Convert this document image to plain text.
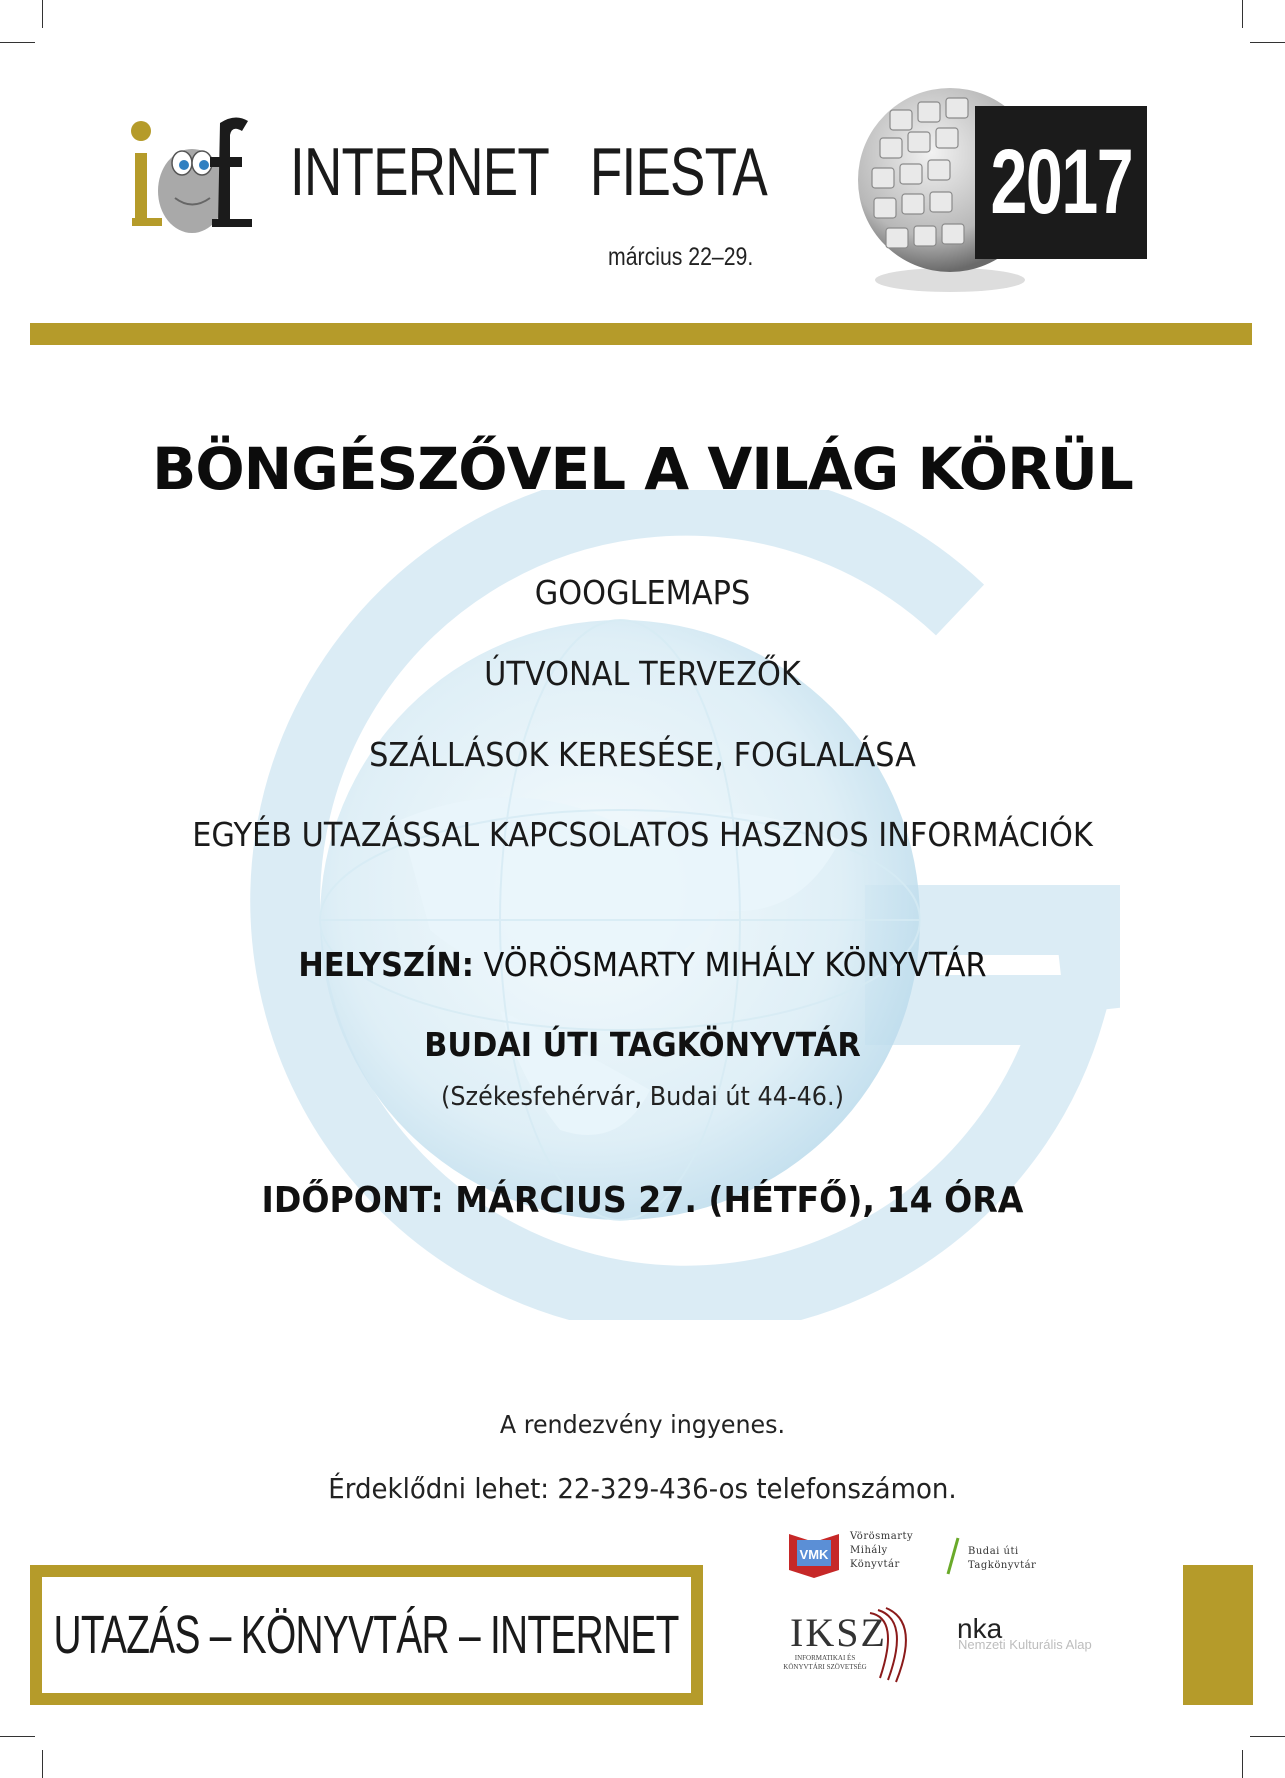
INTERNET   FIESTA
március 22–29.
2017
BÖNGÉSZŐVEL A VILÁG KÖRÜL
GOOGLEMAPS
ÚTVONAL TERVEZŐK
SZÁLLÁSOK KERESÉSE, FOGLALÁSA
EGYÉB UTAZÁSSAL KAPCSOLATOS HASZNOS INFORMÁCIÓK
HELYSZÍN: VÖRÖSMARTY MIHÁLY KÖNYVTÁR
BUDAI ÚTI TAGKÖNYVTÁR
(Székesfehérvár, Budai út 44-46.)
IDŐPONT: MÁRCIUS 27. (HÉTFŐ), 14 ÓRA
A rendezvény ingyenes.
Érdeklődni lehet: 22-329-436-os telefonszámon.
UTAZÁS – KÖNYVTÁR – INTERNET
VMK
Vörösmarty
Mihály
Könyvtár
Budai úti
Tagkönyvtár
IKSZ
INFORMATIKAI ÉS
KÖNYVTÁRI SZÖVETSÉG
nka
Nemzeti Kulturális Alap
